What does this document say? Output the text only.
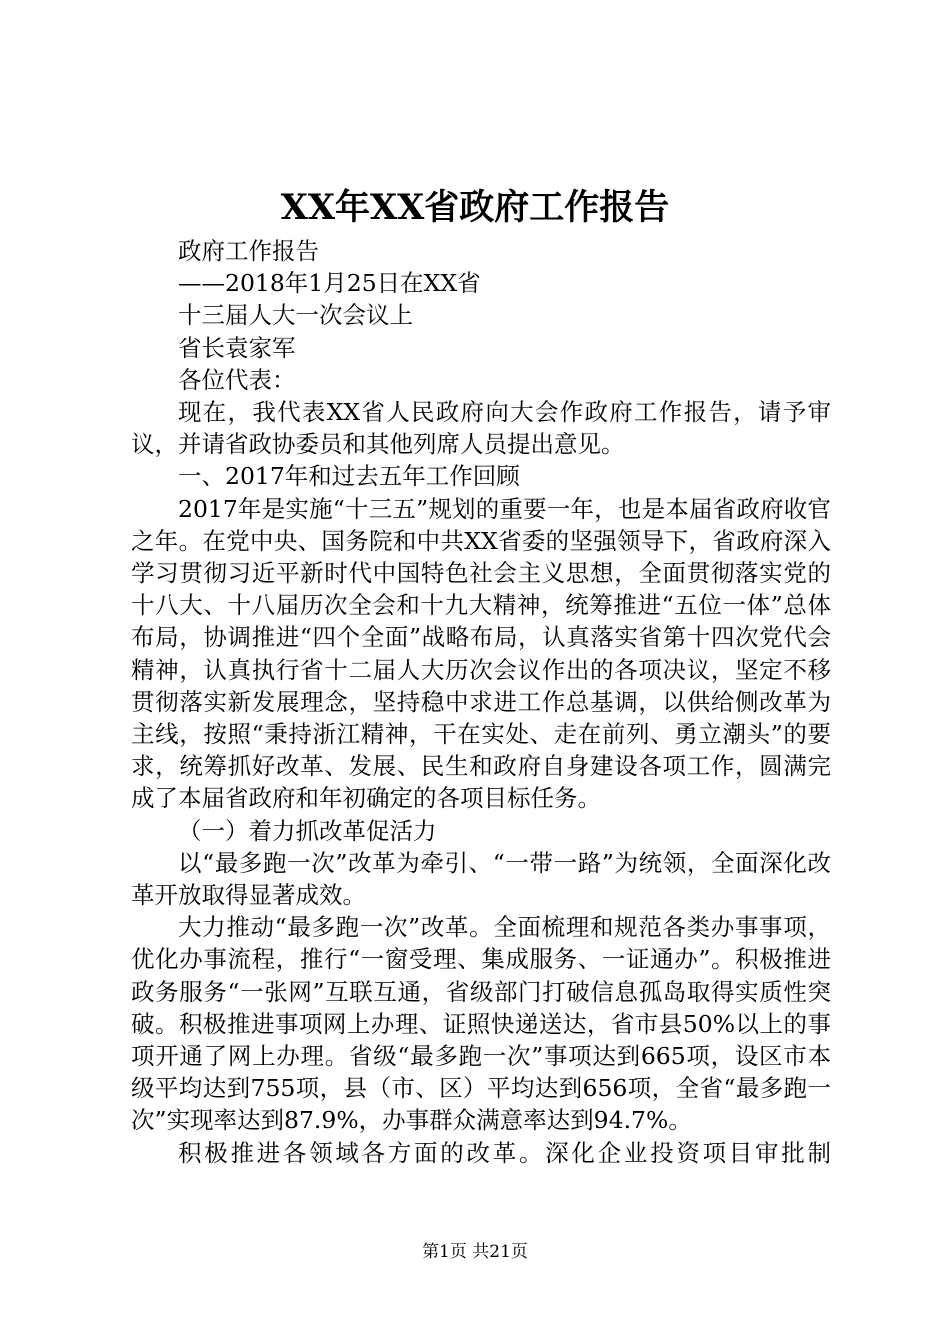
XX年XX省政府工作报告

政府工作报告

——2018年1月25日在XX省

十三届人大一次会议上

省长袁家军

各位代表：

现在，我代表XX省人民政府向大会作政府工作报告，请予审议，并请省政协委员和其他列席人员提出意见。

一、2017年和过去五年工作回顾

2017年是实施“十三五”规划的重要一年，也是本届省政府收官之年。在党中央、国务院和中共XX省委的坚强领导下，省政府深入学习贯彻习近平新时代中国特色社会主义思想，全面贯彻落实党的十八大、十八届历次全会和十九大精神，统筹推进“五位一体”总体布局，协调推进“四个全面”战略布局，认真落实省第十四次党代会精神，认真执行省十二届人大历次会议作出的各项决议，坚定不移贯彻落实新发展理念，坚持稳中求进工作总基调，以供给侧改革为主线，按照“秉持浙江精神，干在实处、走在前列、勇立潮头”的要求，统筹抓好改革、发展、民生和政府自身建设各项工作，圆满完成了本届省政府和年初确定的各项目标任务。

（一）着力抓改革促活力

以“最多跑一次”改革为牵引、“一带一路”为统领，全面深化改革开放取得显著成效。

大力推动“最多跑一次”改革。全面梳理和规范各类办事事项，优化办事流程，推行“一窗受理、集成服务、一证通办”。积极推进政务服务“一张网”互联互通，省级部门打破信息孤岛取得实质性突破。积极推进事项网上办理、证照快递送达，省市县50%以上的事项开通了网上办理。省级“最多跑一次”事项达到665项，设区市本级平均达到755项，县（市、区）平均达到656项，全省“最多跑一次”实现率达到87.9%，办事群众满意率达到94.7%。

积极推进各领域各方面的改革。深化企业投资项目审批制

第1页 共21页
